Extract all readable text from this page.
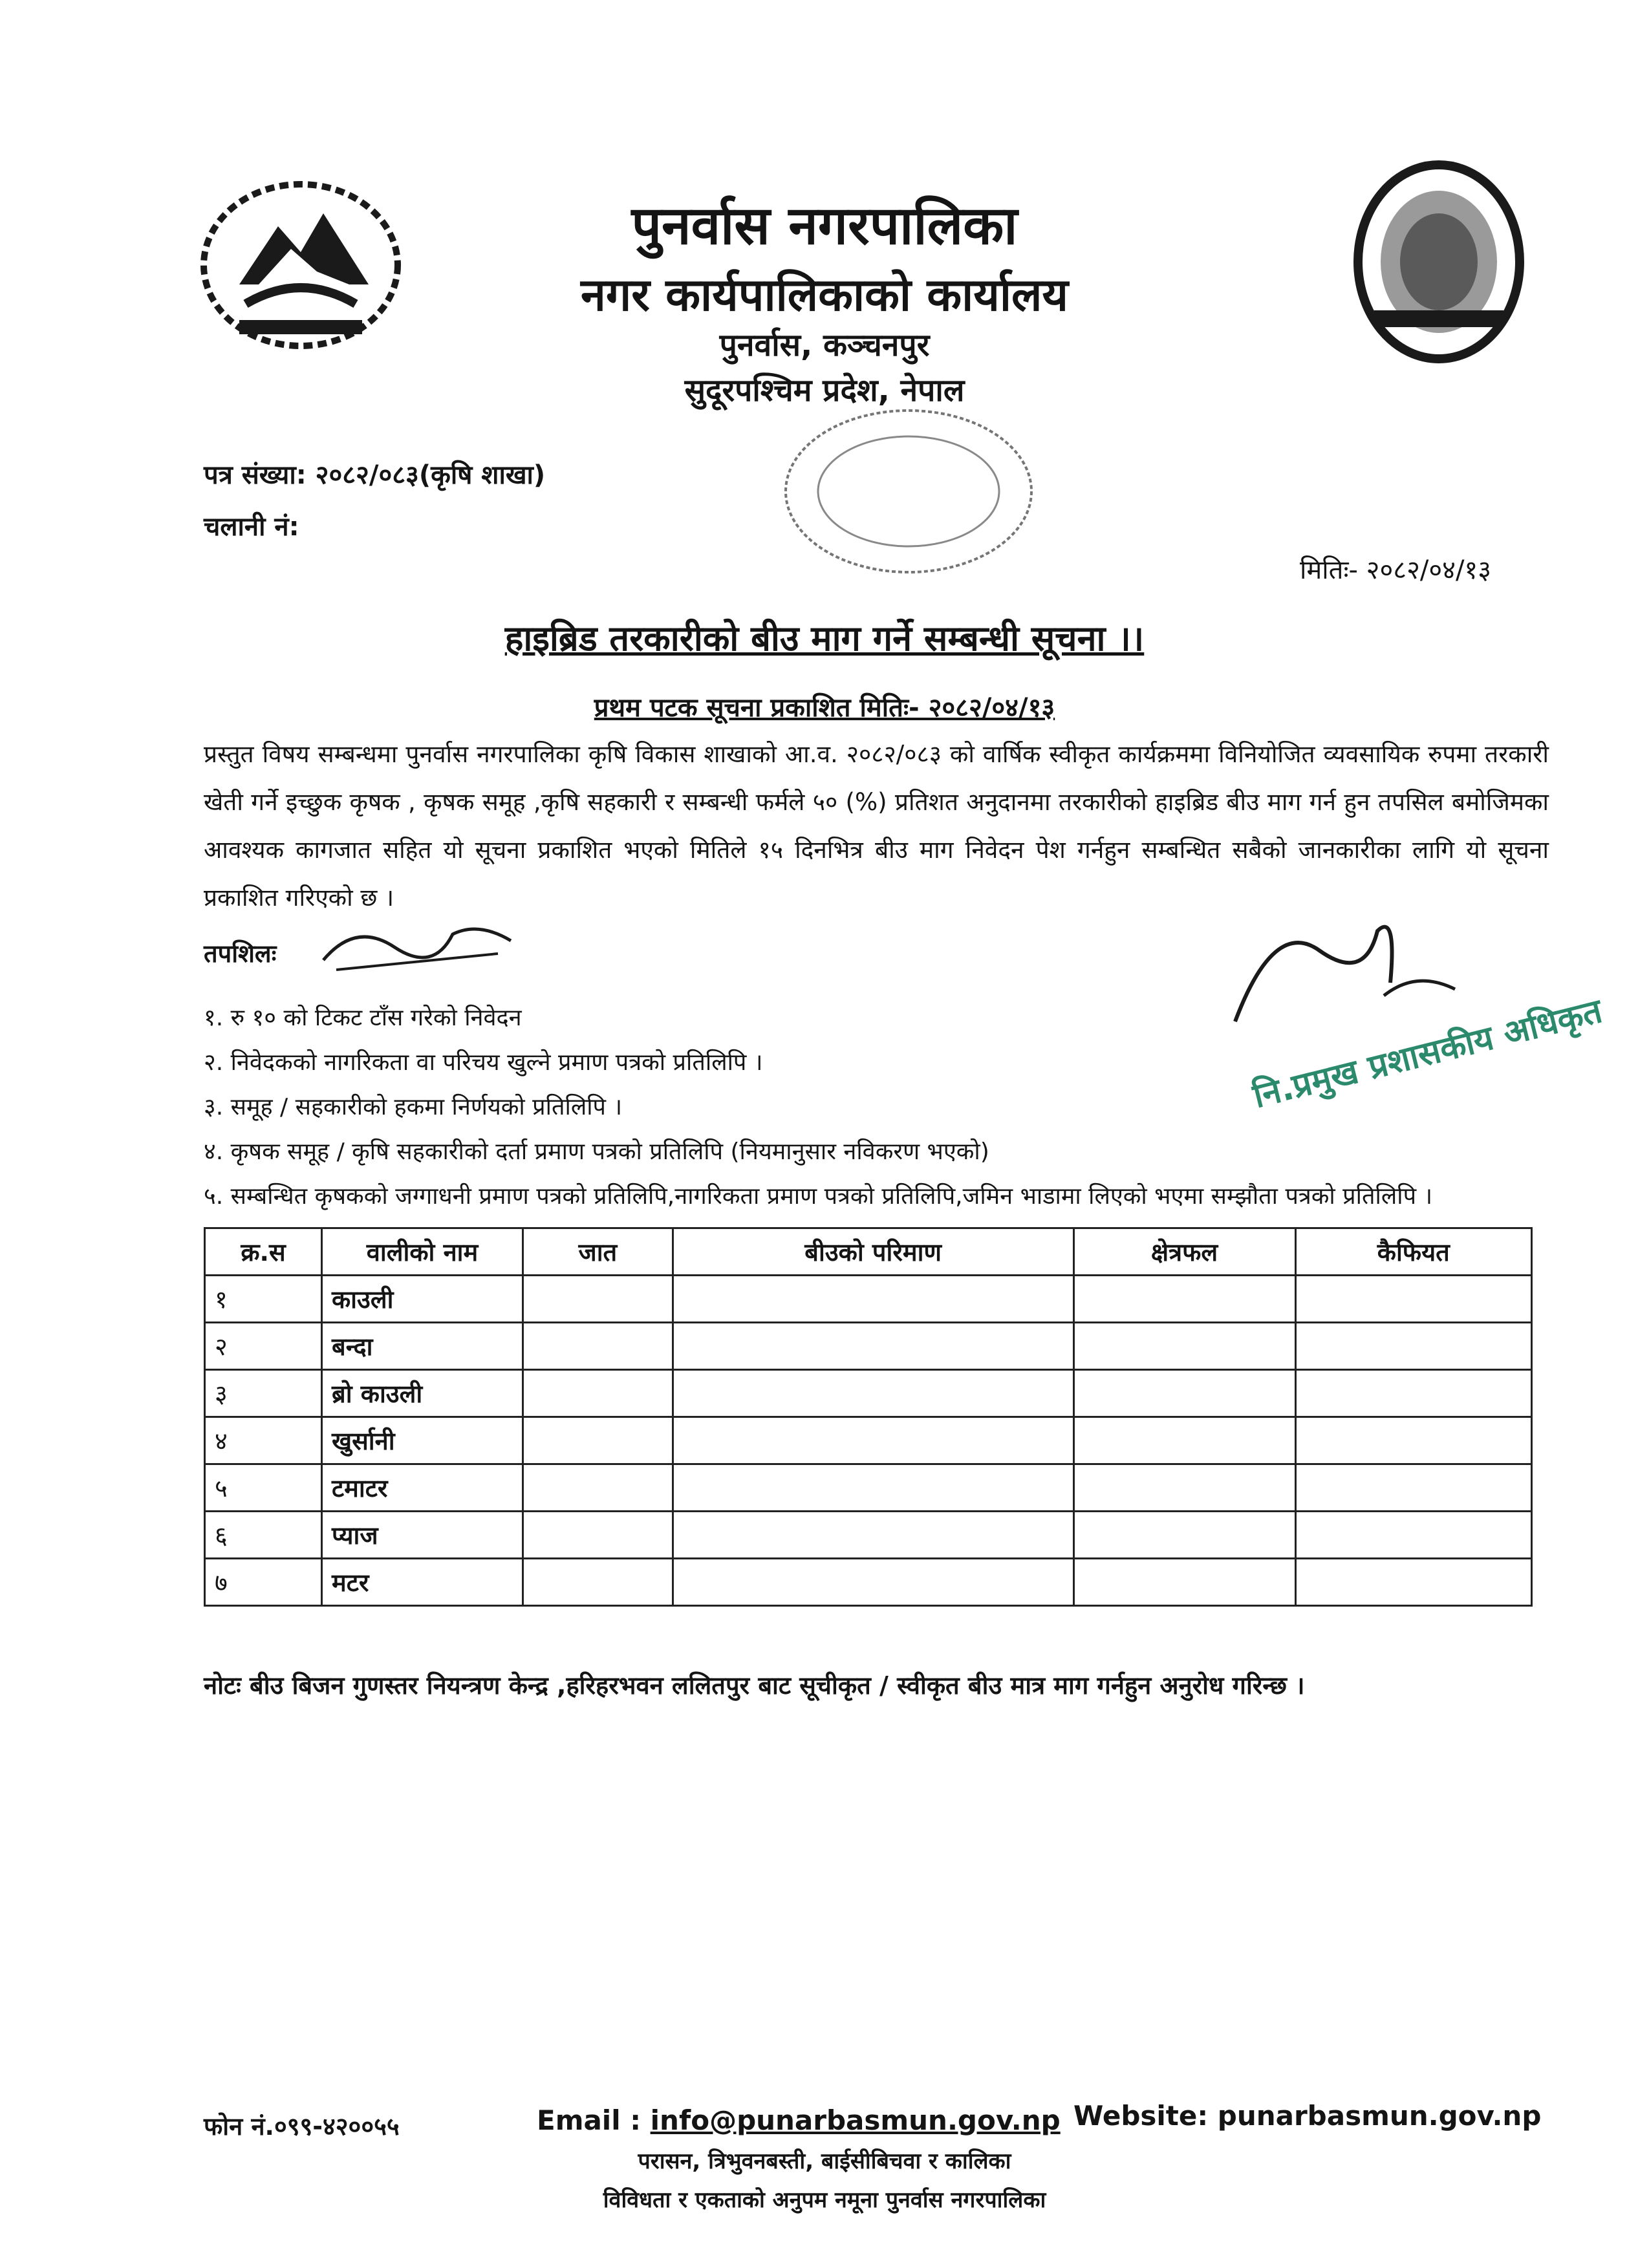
पुनर्वास नगरपालिका
नगर कार्यपालिकाको कार्यालय
पुनर्वास, कञ्चनपुर
सुदूरपश्चिम प्रदेश, नेपाल
पत्र संख्या: २०८२/०८३(कृषि शाखा)
चलानी नं:
मितिः- २०८२/०४/१३
हाइब्रिड तरकारीको बीउ माग गर्ने सम्बन्धी सूचना ।।
प्रथम पटक सूचना प्रकाशित मितिः- २०८२/०४/१३
प्रस्तुत विषय सम्बन्धमा पुनर्वास नगरपालिका कृषि विकास शाखाको आ.व. २०८२/०८३ को वार्षिक स्वीकृत कार्यक्रममा विनियोजित व्यवसायिक रुपमा तरकारी खेती गर्ने इच्छुक कृषक , कृषक समूह ,कृषि सहकारी र सम्बन्धी फर्मले ५० (%) प्रतिशत अनुदानमा तरकारीको हाइब्रिड बीउ माग गर्न हुन तपसिल बमोजिमका आवश्यक कागजात सहित यो सूचना प्रकाशित भएको मितिले १५ दिनभित्र बीउ माग निवेदन पेश गर्नहुन सम्बन्धित सबैको जानकारीका लागि यो सूचना प्रकाशित गरिएको छ ।
तपशिलः
नि.प्रमुख प्रशासकीय अधिकृत
१. रु १० को टिकट टाँस गरेको निवेदन
२. निवेदकको नागरिकता वा परिचय खुल्ने प्रमाण पत्रको प्रतिलिपि ।
३. समूह / सहकारीको हकमा निर्णयको प्रतिलिपि ।
४. कृषक समूह / कृषि सहकारीको दर्ता प्रमाण पत्रको प्रतिलिपि (नियमानुसार नविकरण भएको)
५. सम्बन्धित कृषकको जग्गाधनी प्रमाण पत्रको प्रतिलिपि,नागरिकता प्रमाण पत्रको प्रतिलिपि,जमिन भाडामा लिएको भएमा सम्झौता पत्रको प्रतिलिपि ।
क्र.स	वालीको नाम	जात	बीउको परिमाण	क्षेत्रफल	कैफियत
१	काउली				
२	बन्दा				
३	ब्रो काउली				
४	खुर्सानी				
५	टमाटर				
६	प्याज				
७	मटर				
नोटः बीउ बिजन गुणस्तर नियन्त्रण केन्द्र ,हरिहरभवन ललितपुर बाट सूचीकृत / स्वीकृत बीउ मात्र माग गर्नहुन अनुरोध गरिन्छ ।
फोन नं.०९९-४२००५५	Email : info@punarbasmun.gov.np Website: punarbasmun.gov.np
परासन, त्रिभुवनबस्ती, बाईसीबिचवा र कालिका
विविधता र एकताको अनुपम नमूना पुनर्वास नगरपालिका
